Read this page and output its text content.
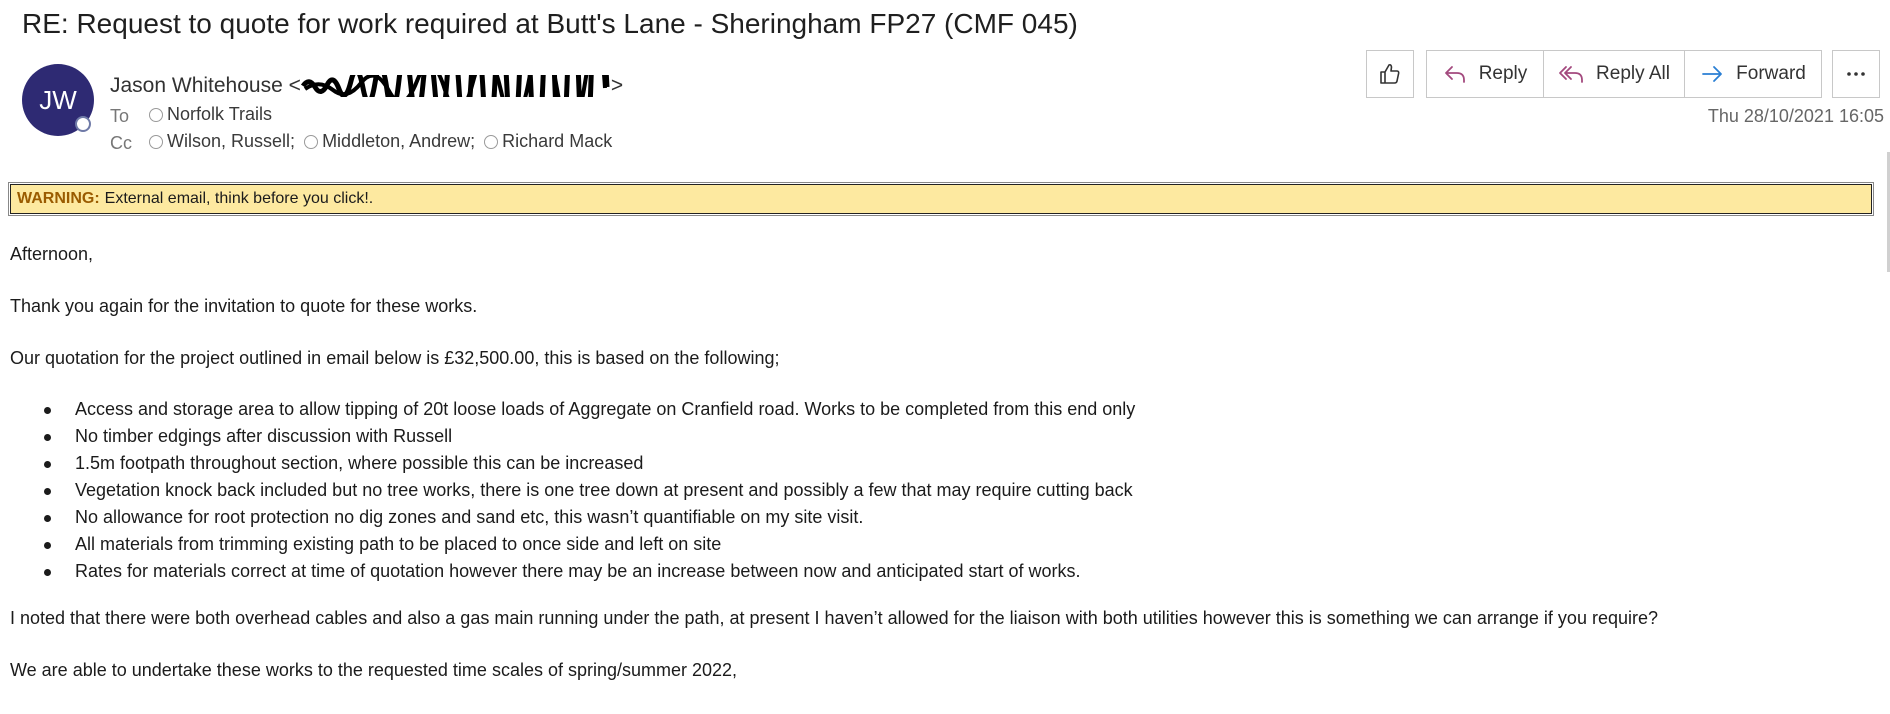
RE: Request to quote for work required at Butt's Lane - Sheringham FP27 (CMF 045)
JW Jason Whitehouse <	>
To Norfolk Trails
Cc Wilson, Russell;
Middleton, Andrew;
Richard Mack
Reply	Reply All	Forward
Thu 28/10/2021 16:05
WARNING: External email, think before you click!.

Afternoon,

Thank you again for the invitation to quote for these works.

Our quotation for the project outlined in email below is £32,500.00, this is based on the following;

Access and storage area to allow tipping of 20t loose loads of Aggregate on Cranfield road. Works to be completed from this end only
No timber edgings after discussion with Russell
1.5m footpath throughout section, where possible this can be increased
Vegetation knock back included but no tree works, there is one tree down at present and possibly a few that may require cutting back
No allowance for root protection no dig zones and sand etc, this wasn’t quantifiable on my site visit.
All materials from trimming existing path to be placed to once side and left on site
Rates for materials correct at time of quotation however there may be an increase between now and anticipated start of works.

I noted that there were both overhead cables and also a gas main running under the path, at present I haven’t allowed for the liaison with both utilities however this is something we can arrange if you require?

We are able to undertake these works to the requested time scales of spring/summer 2022,
